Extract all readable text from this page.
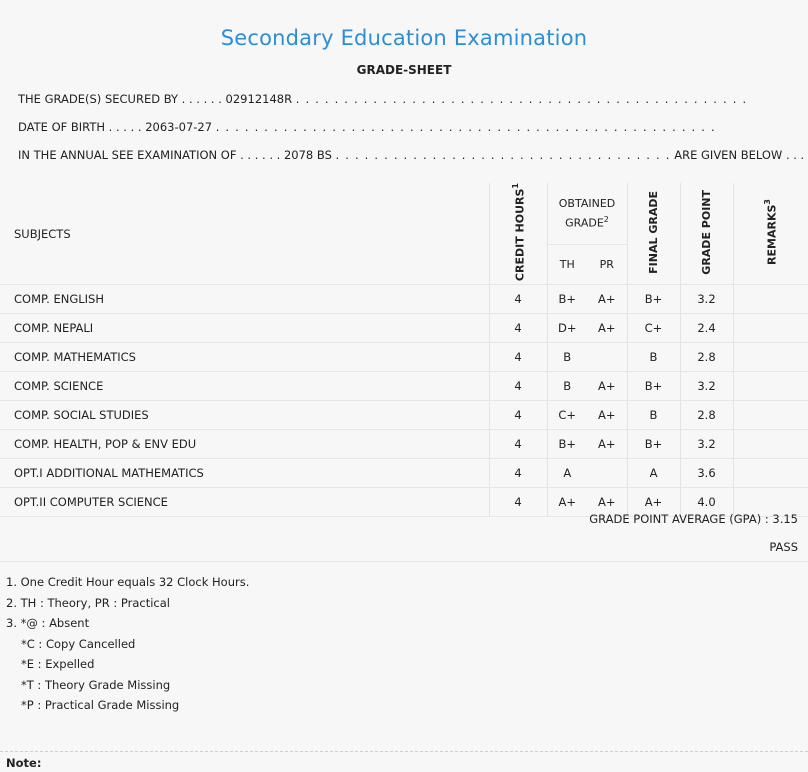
Secondary Education Examination
GRADE-SHEET
THE GRADE(S) SECURED BY . . . . . . 02912148R . . . . . . . . . . . . . . . . . . . . . . . . . . . . . . . . . . . . . . . . . . . . . . .
DATE OF BIRTH . . . . . 2063-07-27 . . . . . . . . . . . . . . . . . . . . . . . . . . . . . . . . . . . . . . . . . . . . . . . . . . . .
IN THE ANNUAL SEE EXAMINATION OF . . . . . . 2078 BS . . . . . . . . . . . . . . . . . . . . . . . . . . . . . . . . . . . ARE GIVEN BELOW . . .
SUBJECTS	CREDIT HOURS$^1$	OBTAINED GRADE$^2$		FINAL GRADE	GRADE POINT	REMARKS$^3$
		TH	PR			
COMP. ENGLISH	4	B+	A+	B+	3.2	
COMP. NEPALI	4	D+	A+	C+	2.4	
COMP. MATHEMATICS	4	B		B	2.8	
COMP. SCIENCE	4	B	A+	B+	3.2	
COMP. SOCIAL STUDIES	4	C+	A+	B	2.8	
COMP. HEALTH, POP & ENV EDU	4	B+	A+	B+	3.2	
OPT.I ADDITIONAL MATHEMATICS	4	A		A	3.6	
OPT.II COMPUTER SCIENCE	4	A+	A+	A+	4.0	
GRADE POINT AVERAGE (GPA) : 3.15
PASS
1. One Credit Hour equals 32 Clock Hours.
2. TH : Theory, PR : Practical
3. *@ : Absent
*C : Copy Cancelled
*E : Expelled
*T : Theory Grade Missing
*P : Practical Grade Missing
Note:
